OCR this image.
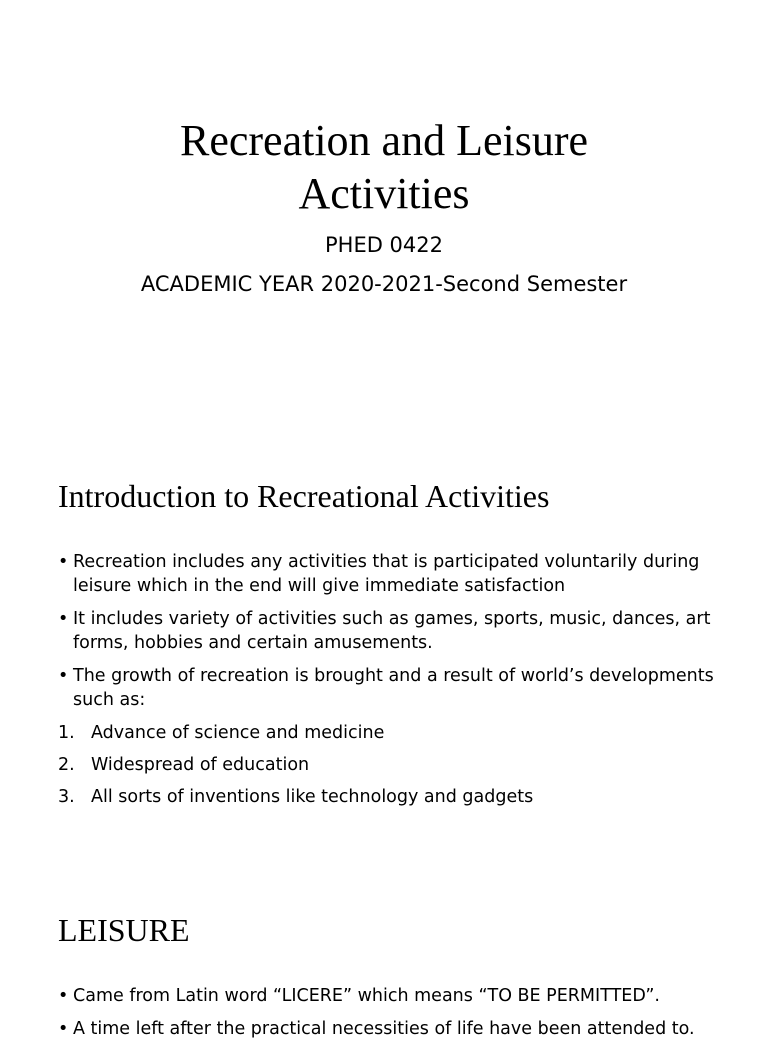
Recreation and Leisure
Activities

PHED 0422

ACADEMIC YEAR 2020-2021-Second Semester

Introduction to Recreational Activities
• Recreation includes any activities that is participated voluntarily during leisure which in the end will give immediate satisfaction
• It includes variety of activities such as games, sports, music, dances, art forms, hobbies and certain amusements.
• The growth of recreation is brought and a result of world’s developments such as:
1. Advance of science and medicine
2. Widespread of education
3. All sorts of inventions like technology and gadgets
LEISURE
• Came from Latin word “LICERE” which means “TO BE PERMITTED”.
• A time left after the practical necessities of life have been attended to.
